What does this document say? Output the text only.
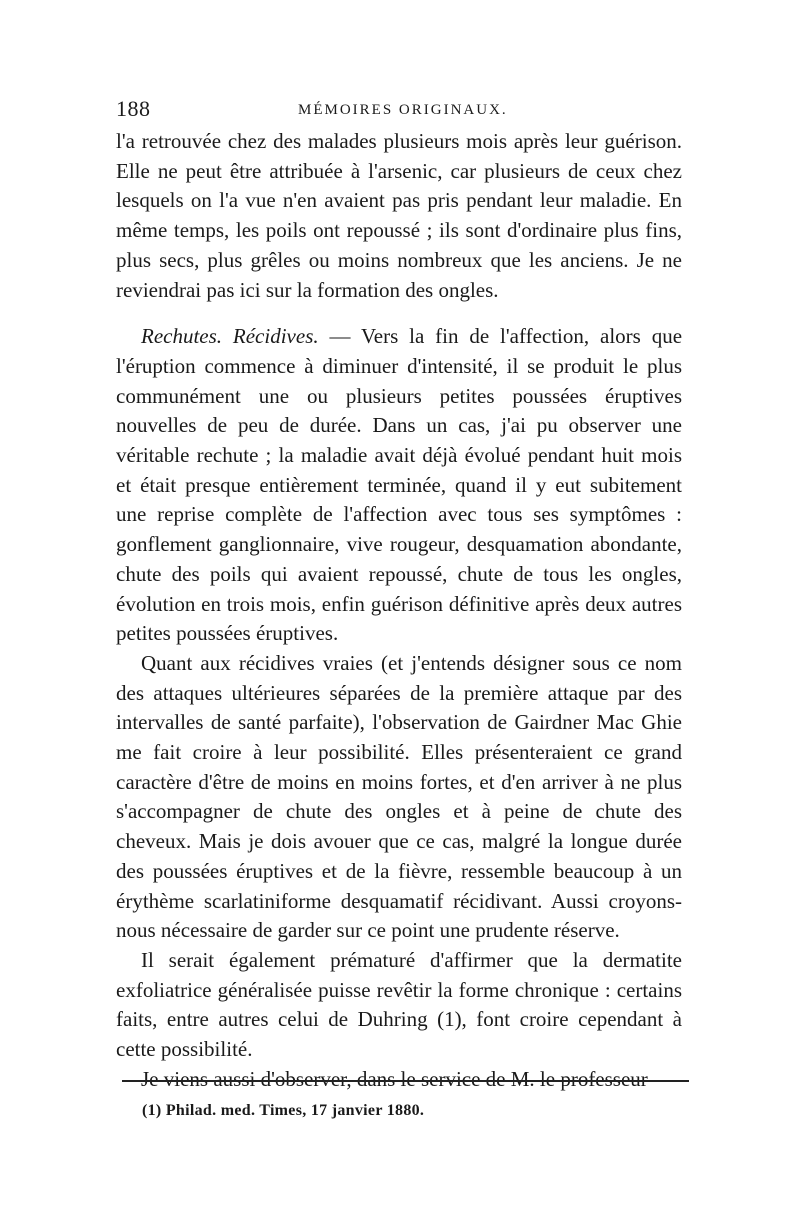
188	MÉMOIRES ORIGINAUX.

l'a retrouvée chez des malades plusieurs mois après leur guérison. Elle ne peut être attribuée à l'arsenic, car plusieurs de ceux chez lesquels on l'a vue n'en avaient pas pris pendant leur maladie. En même temps, les poils ont repoussé ; ils sont d'ordinaire plus fins, plus secs, plus grêles ou moins nombreux que les anciens. Je ne reviendrai pas ici sur la formation des ongles.

Rechutes. Récidives. — Vers la fin de l'affection, alors que l'éruption commence à diminuer d'intensité, il se produit le plus communément une ou plusieurs petites poussées éruptives nouvelles de peu de durée. Dans un cas, j'ai pu observer une véritable rechute ; la maladie avait déjà évolué pendant huit mois et était presque entièrement terminée, quand il y eut subitement une reprise complète de l'affection avec tous ses symptômes : gonflement ganglionnaire, vive rougeur, desquamation abondante, chute des poils qui avaient repoussé, chute de tous les ongles, évolution en trois mois, enfin guérison définitive après deux autres petites poussées éruptives.

Quant aux récidives vraies (et j'entends désigner sous ce nom des attaques ultérieures séparées de la première attaque par des intervalles de santé parfaite), l'observation de Gairdner Mac Ghie me fait croire à leur possibilité. Elles présenteraient ce grand caractère d'être de moins en moins fortes, et d'en arriver à ne plus s'accompagner de chute des ongles et à peine de chute des cheveux. Mais je dois avouer que ce cas, malgré la longue durée des poussées éruptives et de la fièvre, ressemble beaucoup à un érythème scarlatiniforme desquamatif récidivant. Aussi croyons-nous nécessaire de garder sur ce point une prudente réserve.

Il serait également prématuré d'affirmer que la dermatite exfoliatrice généralisée puisse revêtir la forme chronique : certains faits, entre autres celui de Duhring (1), font croire cependant à cette possibilité.

Je viens aussi d'observer, dans le service de M. le professeur

(1) Philad. med. Times, 17 janvier 1880.
